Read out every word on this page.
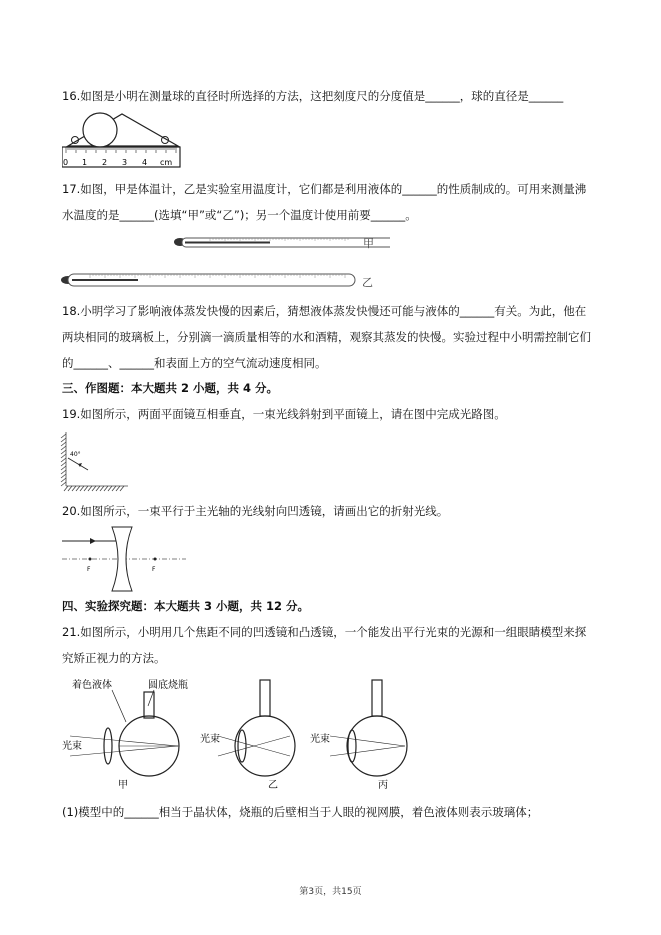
16.如图是小明在测量球的直径时所选择的方法，这把刻度尺的分度值是______，球的直径是______
0 1 2 3 4 cm
17.如图，甲是体温计，乙是实验室用温度计，它们都是利用液体的______的性质制成的。可用来测量沸
水温度的是______(选填“甲”或“乙”)；另一个温度计使用前要______。
甲
乙
18.小明学习了影响液体蒸发快慢的因素后，猜想液体蒸发快慢还可能与液体的______有关。为此，他在
两块相同的玻璃板上，分别滴一滴质量相等的水和酒精，观察其蒸发的快慢。实验过程中小明需控制它们
的______、______和表面上方的空气流动速度相同。
三、作图题：本大题共 2 小题，共 4 分。
19.如图所示，两面平面镜互相垂直，一束光线斜射到平面镜上，请在图中完成光路图。
40°
20.如图所示，一束平行于主光轴的光线射向凹透镜，请画出它的折射光线。
F	F
四、实验探究题：本大题共 3 小题，共 12 分。
21.如图所示，小明用几个焦距不同的凹透镜和凸透镜，一个能发出平行光束的光源和一组眼睛模型来探
究矫正视力的方法。
着色液体	圆底烧瓶
光束
光束	光束
甲	乙	丙
(1)模型中的______相当于晶状体，烧瓶的后壁相当于人眼的视网膜，着色液体则表示玻璃体；
第3页，共15页
